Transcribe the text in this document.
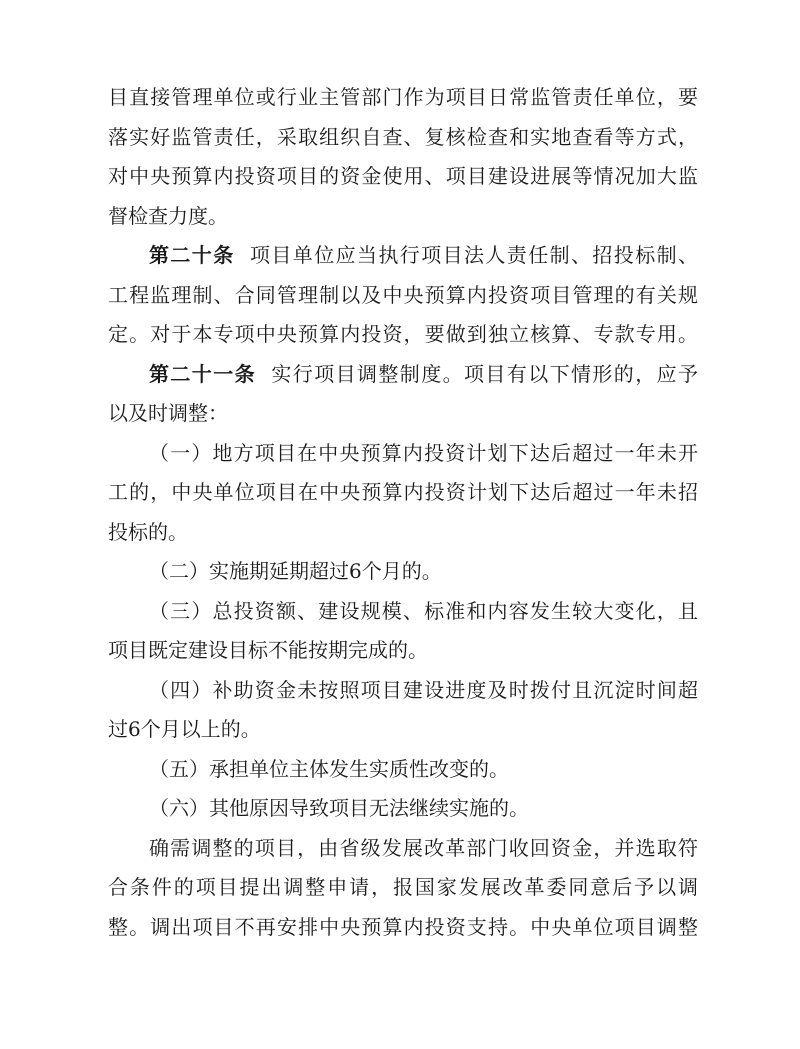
目直接管理单位或行业主管部门作为项目日常监管责任单位，要
落实好监管责任，采取组织自查、复核检查和实地查看等方式，
对中央预算内投资项目的资金使用、项目建设进展等情况加大监
督检查力度。
第二十条 项目单位应当执行项目法人责任制、招投标制、
工程监理制、合同管理制以及中央预算内投资项目管理的有关规
定。对于本专项中央预算内投资，要做到独立核算、专款专用。
第二十一条 实行项目调整制度。项目有以下情形的，应予
以及时调整：
（一）地方项目在中央预算内投资计划下达后超过一年未开
工的，中央单位项目在中央预算内投资计划下达后超过一年未招
投标的。
（二）实施期延期超过6个月的。
（三）总投资额、建设规模、标准和内容发生较大变化，且
项目既定建设目标不能按期完成的。
（四）补助资金未按照项目建设进度及时拨付且沉淀时间超
过6个月以上的。
（五）承担单位主体发生实质性改变的。
（六）其他原因导致项目无法继续实施的。
确需调整的项目，由省级发展改革部门收回资金，并选取符
合条件的项目提出调整申请，报国家发展改革委同意后予以调
整。调出项目不再安排中央预算内投资支持。中央单位项目调整
